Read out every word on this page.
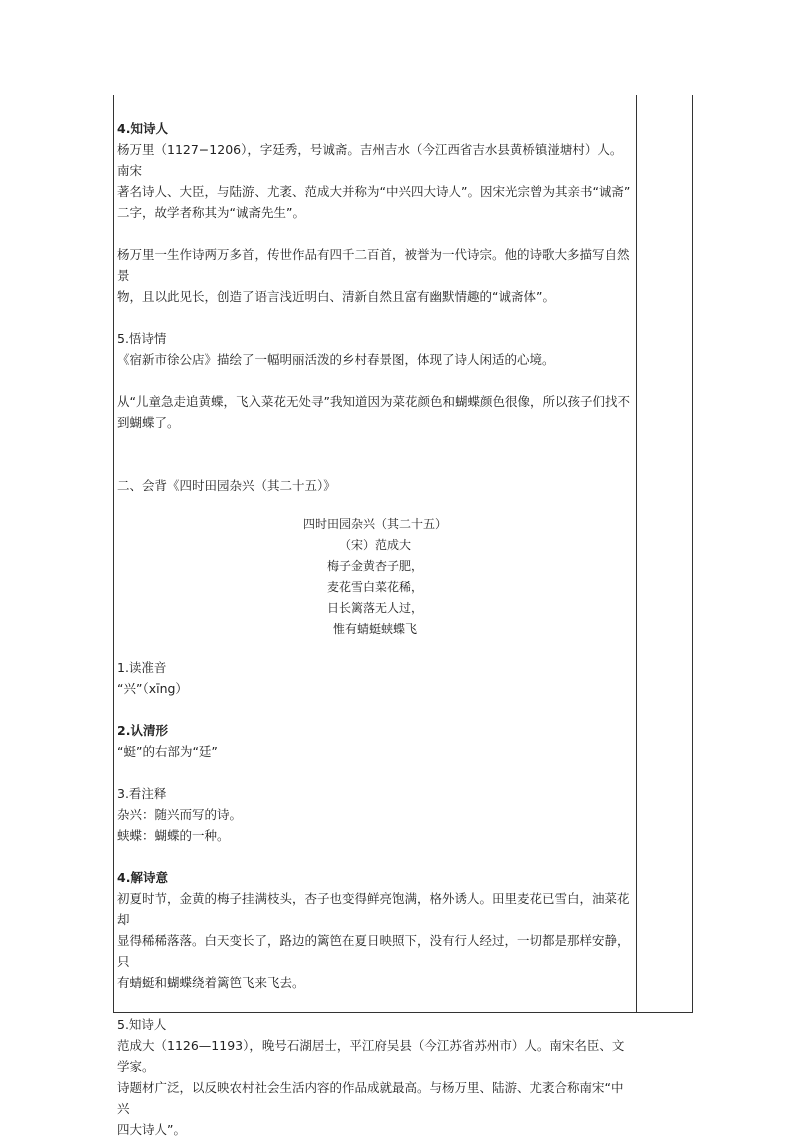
4.知诗人

杨万里（1127−1206），字廷秀，号诚斋。吉州吉水（今江西省吉水县黄桥镇湴塘村）人。南宋

著名诗人、大臣，与陆游、尤袤、范成大并称为“中兴四大诗人”。因宋光宗曾为其亲书“诚斋”

二字，故学者称其为“诚斋先生”。

杨万里一生作诗两万多首，传世作品有四千二百首，被誉为一代诗宗。他的诗歌大多描写自然景

物，且以此见长，创造了语言浅近明白、清新自然且富有幽默情趣的“诚斋体”。

5.悟诗情

《宿新市徐公店》描绘了一幅明丽活泼的乡村春景图，体现了诗人闲适的心境。

从“儿童急走追黄蝶，飞入菜花无处寻”我知道因为菜花颜色和蝴蝶颜色很像，所以孩子们找不

到蝴蝶了。

二、会背《四时田园杂兴（其二十五）》

四时田园杂兴（其二十五）

（宋）范成大

梅子金黄杏子肥，

麦花雪白菜花稀，

日长篱落无人过，

惟有蜻蜓蛱蝶飞

1.读准音

“兴”（xīng）

2.认清形

“蜓”的右部为“廷”

3.看注释

杂兴：随兴而写的诗。

蛱蝶：蝴蝶的一种。

4.解诗意

初夏时节，金黄的梅子挂满枝头，杏子也变得鲜亮饱满，格外诱人。田里麦花已雪白，油菜花却

显得稀稀落落。白天变长了，路边的篱笆在夏日映照下，没有行人经过，一切都是那样安静，只

有蜻蜓和蝴蝶绕着篱笆飞来飞去。

5.知诗人

范成大（1126—1193），晚号石湖居士，平江府吴县（今江苏省苏州市）人。南宋名臣、文学家。

诗题材广泛，以反映农村社会生活内容的作品成就最高。与杨万里、陆游、尤袤合称南宋“中兴

四大诗人”。
